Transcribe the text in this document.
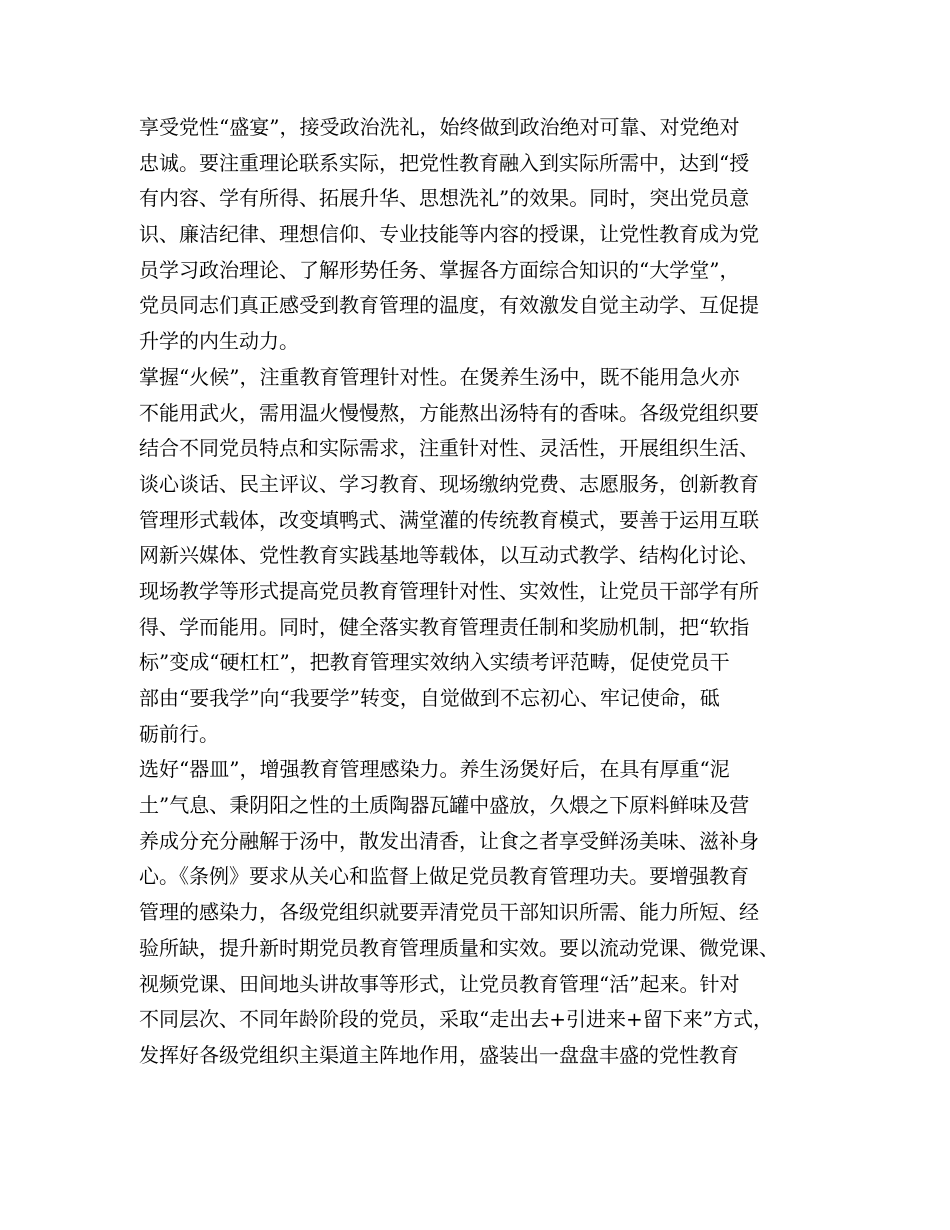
享受党性“盛宴”，接受政治洗礼，始终做到政治绝对可靠、对党绝对
忠诚。要注重理论联系实际，把党性教育融入到实际所需中，达到“授
有内容、学有所得、拓展升华、思想洗礼”的效果。同时，突出党员意
识、廉洁纪律、理想信仰、专业技能等内容的授课，让党性教育成为党
员学习政治理论、了解形势任务、掌握各方面综合知识的“大学堂”，
党员同志们真正感受到教育管理的温度，有效激发自觉主动学、互促提
升学的内生动力。
掌握“火候”，注重教育管理针对性。在煲养生汤中，既不能用急火亦
不能用武火，需用温火慢慢熬，方能熬出汤特有的香味。各级党组织要
结合不同党员特点和实际需求，注重针对性、灵活性，开展组织生活、
谈心谈话、民主评议、学习教育、现场缴纳党费、志愿服务，创新教育
管理形式载体，改变填鸭式、满堂灌的传统教育模式，要善于运用互联
网新兴媒体、党性教育实践基地等载体，以互动式教学、结构化讨论、
现场教学等形式提高党员教育管理针对性、实效性，让党员干部学有所
得、学而能用。同时，健全落实教育管理责任制和奖励机制，把“软指
标”变成“硬杠杠”，把教育管理实效纳入实绩考评范畴，促使党员干
部由“要我学”向“我要学”转变，自觉做到不忘初心、牢记使命，砥
砺前行。
选好“器皿”，增强教育管理感染力。养生汤煲好后，在具有厚重“泥
土”气息、秉阴阳之性的土质陶器瓦罐中盛放，久煨之下原料鲜味及营
养成分充分融解于汤中，散发出清香，让食之者享受鲜汤美味、滋补身
心。《条例》要求从关心和监督上做足党员教育管理功夫。要增强教育
管理的感染力，各级党组织就要弄清党员干部知识所需、能力所短、经
验所缺，提升新时期党员教育管理质量和实效。要以流动党课、微党课、
视频党课、田间地头讲故事等形式，让党员教育管理“活”起来。针对
不同层次、不同年龄阶段的党员，采取“走出去+引进来+留下来”方式，
发挥好各级党组织主渠道主阵地作用，盛装出一盘盘丰盛的党性教育
